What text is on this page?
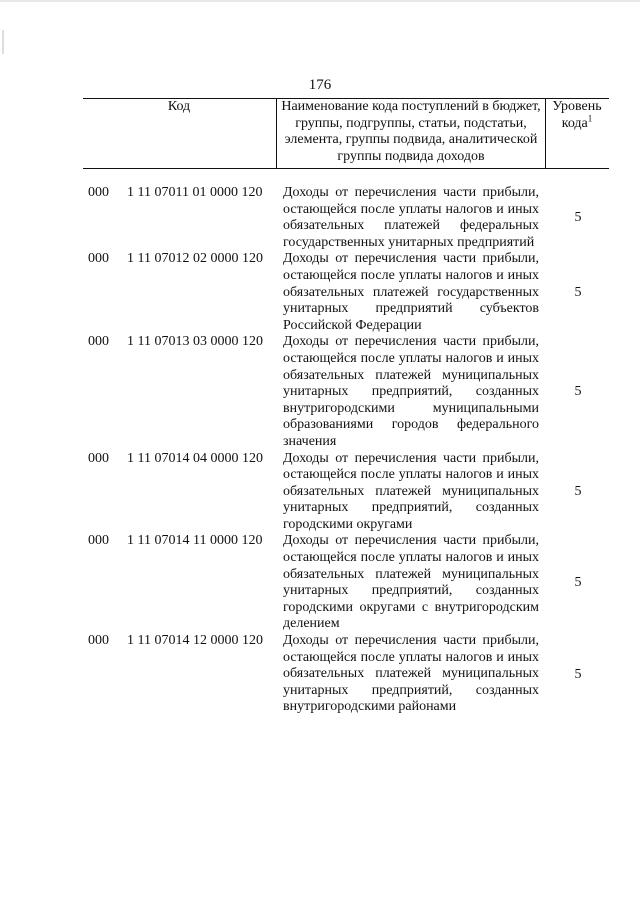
176
Код	Наименование кода поступлений в бюджет, группы, подгруппы, статьи, подстатьи, элемента, группы подвида, аналитической группы подвида доходов
Уровень кода$^1$
000 1 11 07011 01 0000 120 Доходы от перечисления части прибыли, остающейся после уплаты налогов и иных обязательных платежей федеральных государственных унитарных предприятий
5
000 1 11 07012 02 0000 120 Доходы от перечисления части прибыли, остающейся после уплаты налогов и иных обязательных платежей государственных унитарных предприятий субъектов Российской Федерации
5
000 1 11 07013 03 0000 120 Доходы от перечисления части прибыли, остающейся после уплаты налогов и иных обязательных платежей муниципальных унитарных предприятий, созданных внутригородскими муниципальными образованиями городов федерального значения
5
000 1 11 07014 04 0000 120 Доходы от перечисления части прибыли, остающейся после уплаты налогов и иных обязательных платежей муниципальных унитарных предприятий, созданных городскими округами
5
000 1 11 07014 11 0000 120 Доходы от перечисления части прибыли, остающейся после уплаты налогов и иных обязательных платежей муниципальных унитарных предприятий, созданных городскими округами с внутригородским делением
5
000 1 11 07014 12 0000 120 Доходы от перечисления части прибыли, остающейся после уплаты налогов и иных обязательных платежей муниципальных унитарных предприятий, созданных внутригородскими районами
5
